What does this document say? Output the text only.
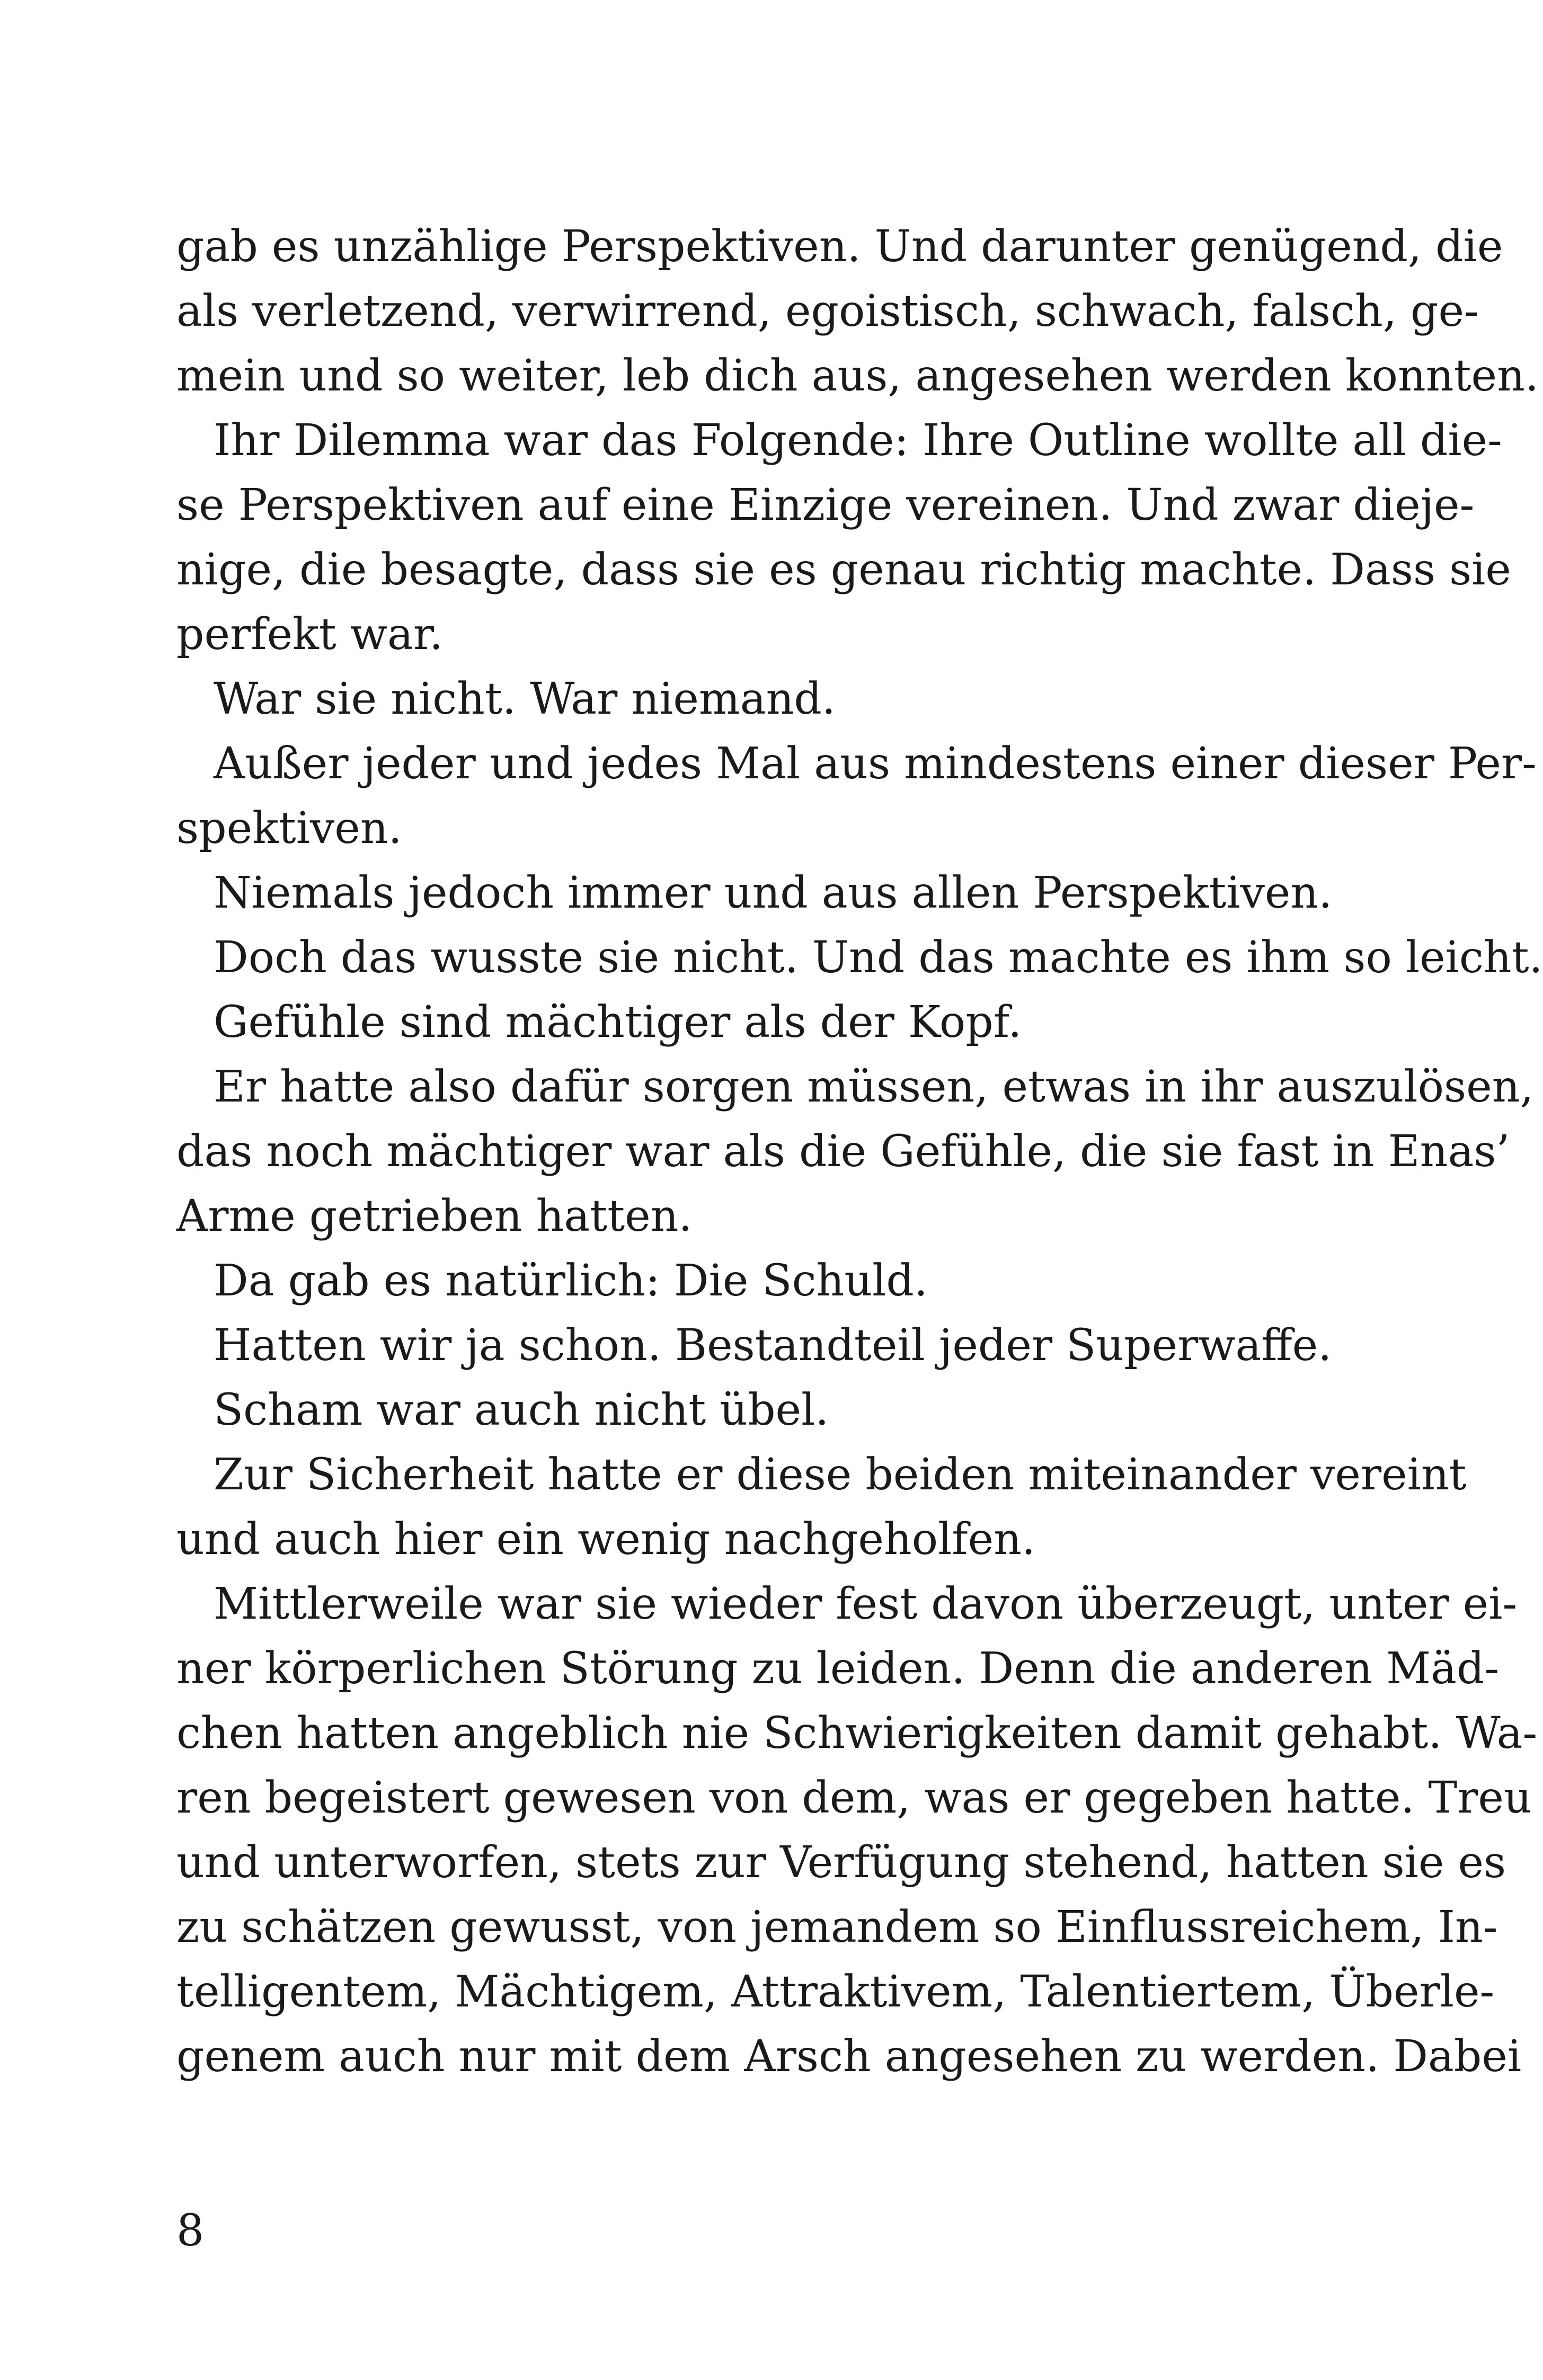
gab es unzählige Perspektiven. Und darunter genügend, die
als verletzend, verwirrend, egoistisch, schwach, falsch, ge-
mein und so weiter, leb dich aus, angesehen werden konnten.
Ihr Dilemma war das Folgende: Ihre Outline wollte all die-
se Perspektiven auf eine Einzige vereinen. Und zwar dieje-
nige, die besagte, dass sie es genau richtig machte. Dass sie
perfekt war.
War sie nicht. War niemand.
Außer jeder und jedes Mal aus mindestens einer dieser Per-
spektiven.
Niemals jedoch immer und aus allen Perspektiven.
Doch das wusste sie nicht. Und das machte es ihm so leicht.
Gefühle sind mächtiger als der Kopf.
Er hatte also dafür sorgen müssen, etwas in ihr auszulösen,
das noch mächtiger war als die Gefühle, die sie fast in Enas’
Arme getrieben hatten.
Da gab es natürlich: Die Schuld.
Hatten wir ja schon. Bestandteil jeder Superwaffe.
Scham war auch nicht übel.
Zur Sicherheit hatte er diese beiden miteinander vereint
und auch hier ein wenig nachgeholfen.
Mittlerweile war sie wieder fest davon überzeugt, unter ei-
ner körperlichen Störung zu leiden. Denn die anderen Mäd-
chen hatten angeblich nie Schwierigkeiten damit gehabt. Wa-
ren begeistert gewesen von dem, was er gegeben hatte. Treu
und unterworfen, stets zur Verfügung stehend, hatten sie es
zu schätzen gewusst, von jemandem so Einflussreichem, In-
telligentem, Mächtigem, Attraktivem, Talentiertem, Überle-
genem auch nur mit dem Arsch angesehen zu werden. Dabei
8
